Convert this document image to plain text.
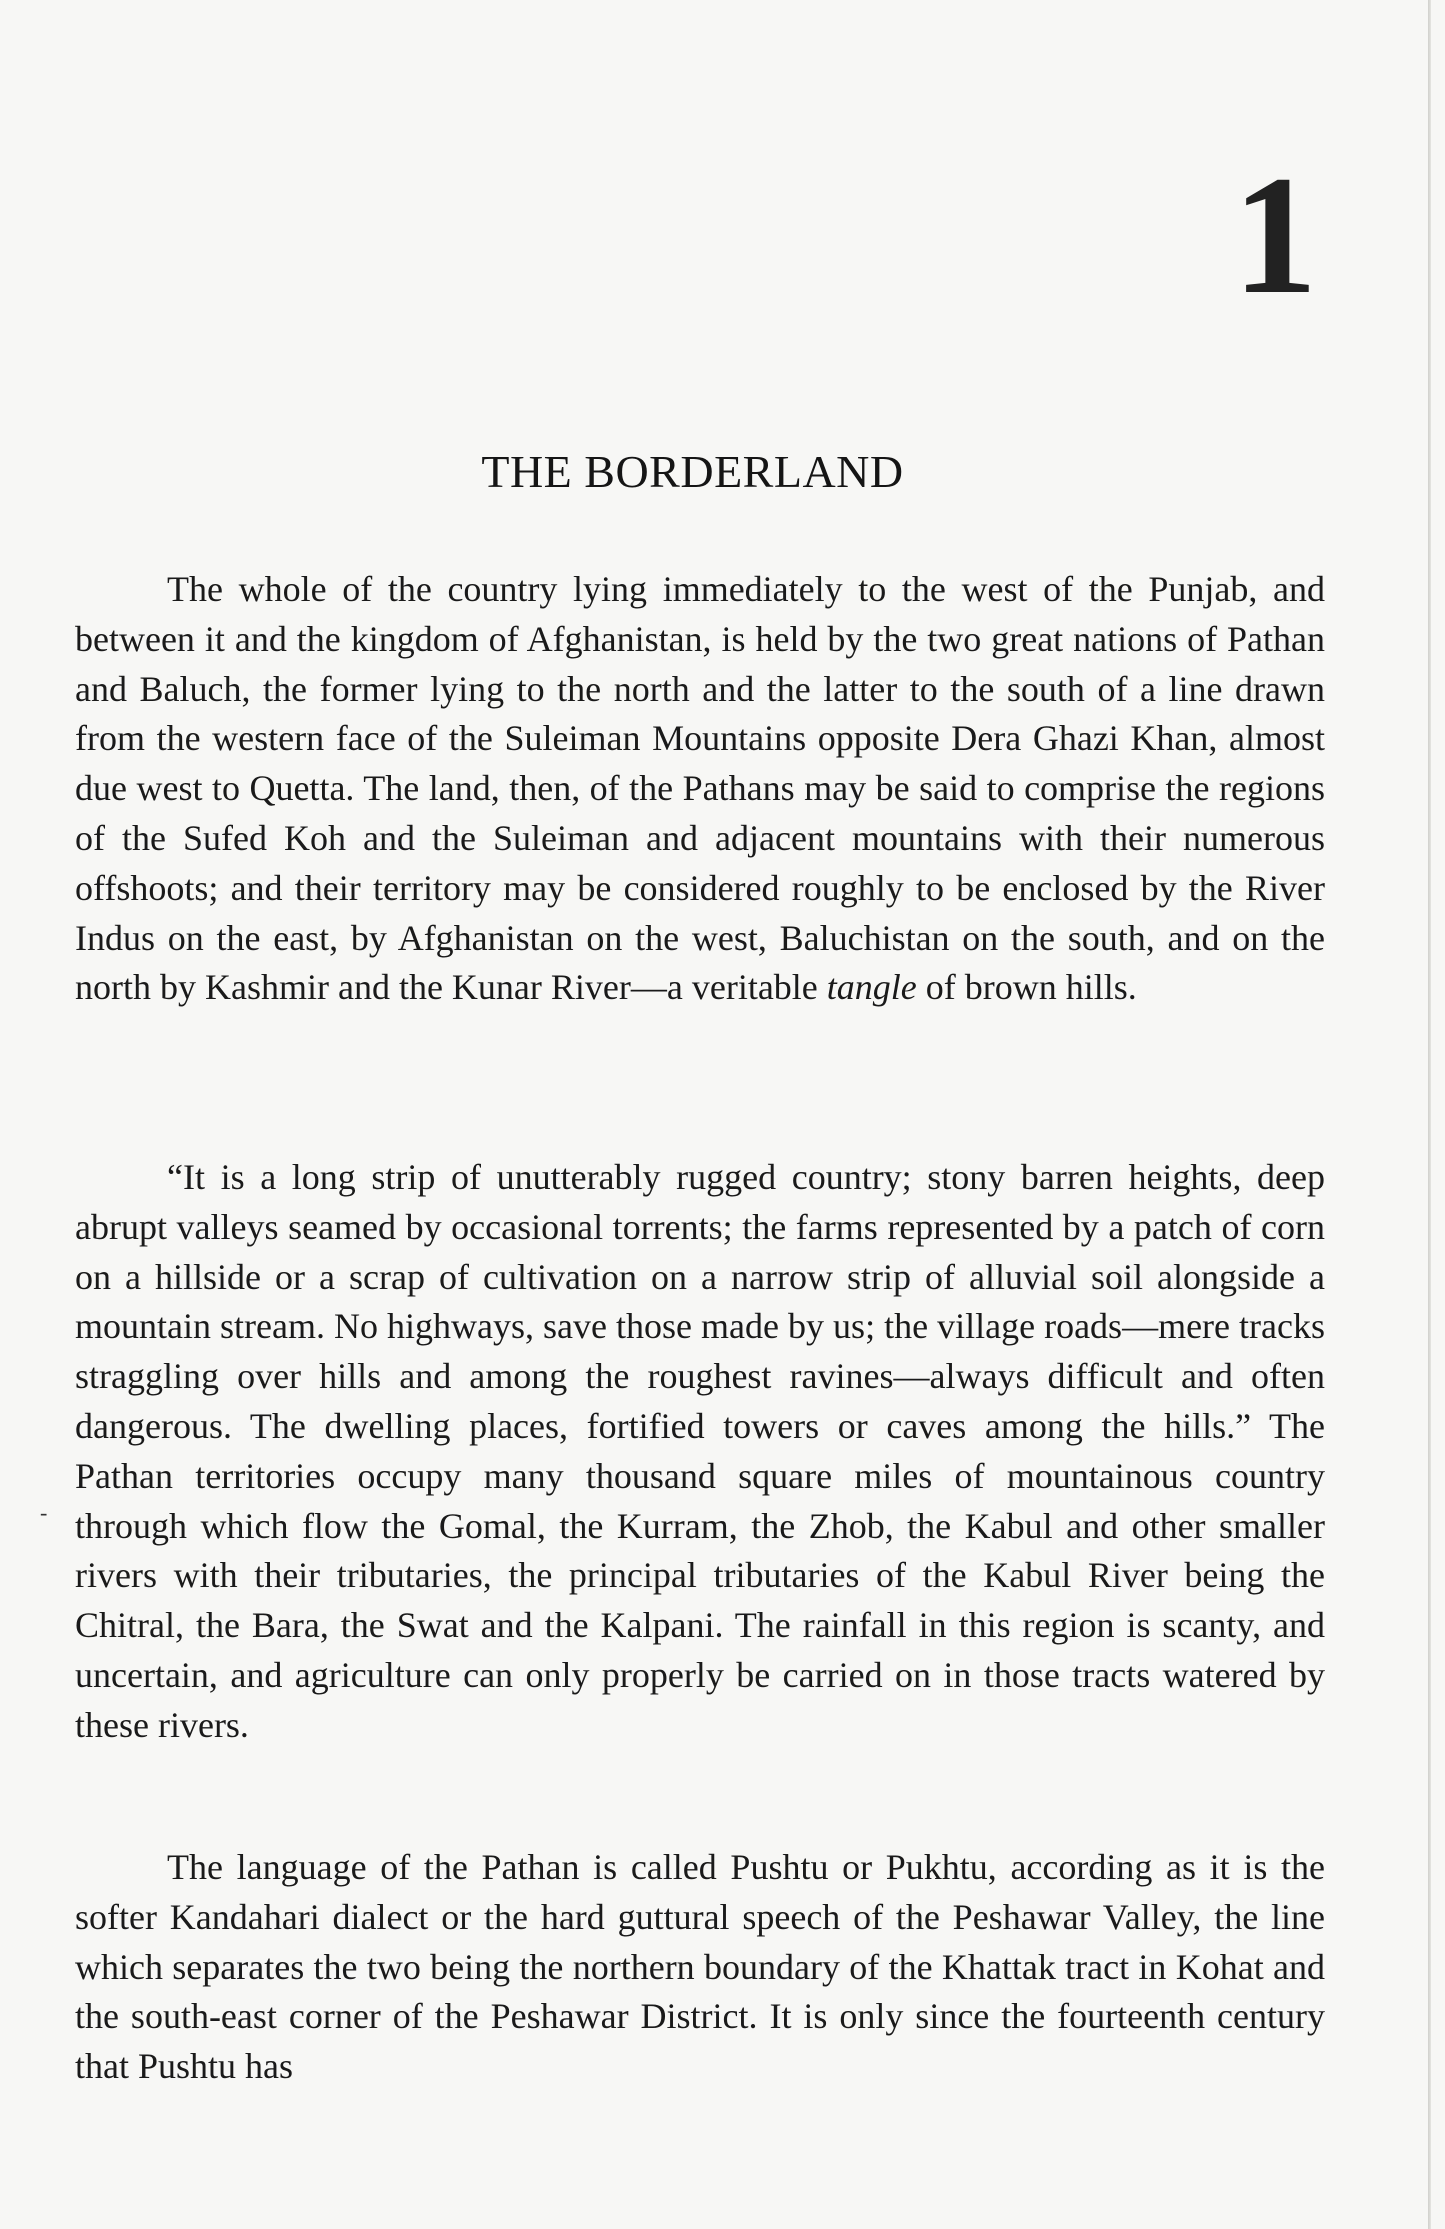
1
THE BORDERLAND

The whole of the country lying immediately to the west of the Punjab, and between it and the kingdom of Afghanistan, is held by the two great nations of Pathan and Baluch, the former lying to the north and the latter to the south of a line drawn from the western face of the Suleiman Mountains opposite Dera Ghazi Khan, almost due west to Quetta. The land, then, of the Pathans may be said to comprise the regions of the Sufed Koh and the Suleiman and adjacent mountains with their numerous offshoots; and their territory may be considered roughly to be enclosed by the River Indus on the east, by Afghanistan on the west, Baluchistan on the south, and on the north by Kashmir and the Kunar River—a veritable tangle of brown hills.

“It is a long strip of unutterably rugged country; stony barren heights, deep abrupt valleys seamed by occasional torrents; the farms represented by a patch of corn on a hillside or a scrap of cultivation on a narrow strip of alluvial soil alongside a mountain stream. No highways, save those made by us; the village roads—mere tracks straggling over hills and among the roughest ravines—always difficult and often dangerous. The dwelling places, fortified towers or caves among the hills.” The Pathan territories occupy many thousand square miles of mountainous country through which flow the Gomal, the Kurram, the Zhob, the Kabul and other smaller rivers with their tributaries, the principal tributaries of the Kabul River being the Chitral, the Bara, the Swat and the Kalpani. The rainfall in this region is scanty, and uncertain, and agriculture can only properly be carried on in those tracts watered by these rivers.

The language of the Pathan is called Pushtu or Pukhtu, according as it is the softer Kandahari dialect or the hard guttural speech of the Peshawar Valley, the line which separates the two being the northern boundary of the Khattak tract in Kohat and the south-east corner of the Peshawar District. It is only since the fourteenth century that Pushtu has

-
